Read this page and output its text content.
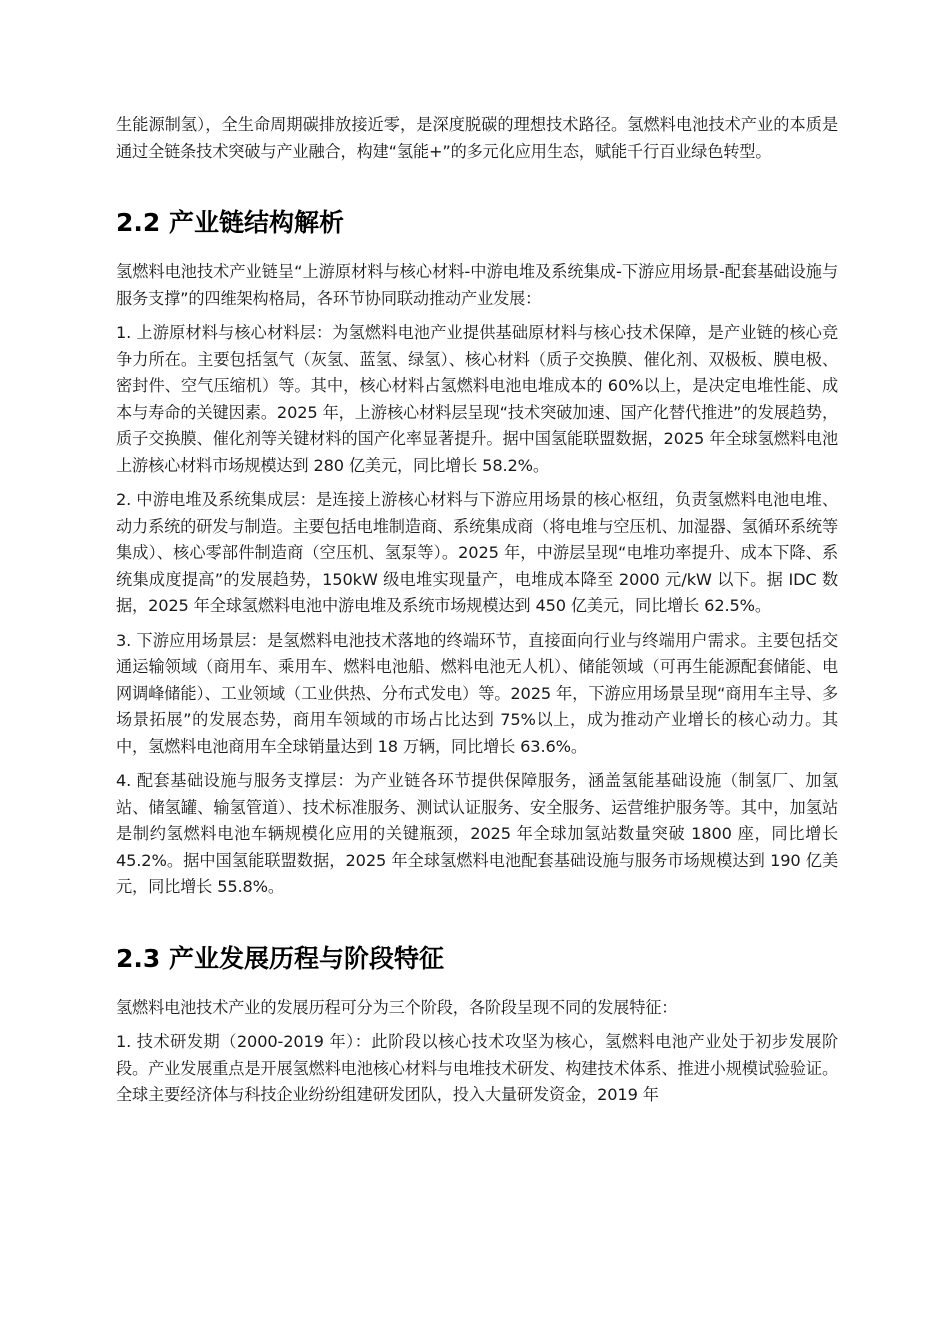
生能源制氢），全生命周期碳排放接近零，是深度脱碳的理想技术路径。氢燃料电池技术产业的本质是通过全链条技术突破与产业融合，构建“氢能+”的多元化应用生态，赋能千行百业绿色转型。

2.2 产业链结构解析

氢燃料电池技术产业链呈“上游原材料与核心材料-中游电堆及系统集成-下游应用场景-配套基础设施与服务支撑”的四维架构格局，各环节协同联动推动产业发展：

1. 上游原材料与核心材料层：为氢燃料电池产业提供基础原材料与核心技术保障，是产业链的核心竞争力所在。主要包括氢气（灰氢、蓝氢、绿氢）、核心材料（质子交换膜、催化剂、双极板、膜电极、密封件、空气压缩机）等。其中，核心材料占氢燃料电池电堆成本的 60%以上，是决定电堆性能、成本与寿命的关键因素。2025 年，上游核心材料层呈现“技术突破加速、国产化替代推进”的发展趋势，质子交换膜、催化剂等关键材料的国产化率显著提升。据中国氢能联盟数据，2025 年全球氢燃料电池上游核心材料市场规模达到 280 亿美元，同比增长 58.2%。

2. 中游电堆及系统集成层：是连接上游核心材料与下游应用场景的核心枢纽，负责氢燃料电池电堆、动力系统的研发与制造。主要包括电堆制造商、系统集成商（将电堆与空压机、加湿器、氢循环系统等集成）、核心零部件制造商（空压机、氢泵等）。2025 年，中游层呈现“电堆功率提升、成本下降、系统集成度提高”的发展趋势，150kW 级电堆实现量产，电堆成本降至 2000 元/kW 以下。据 IDC 数据，2025 年全球氢燃料电池中游电堆及系统市场规模达到 450 亿美元，同比增长 62.5%。

3. 下游应用场景层：是氢燃料电池技术落地的终端环节，直接面向行业与终端用户需求。主要包括交通运输领域（商用车、乘用车、燃料电池船、燃料电池无人机）、储能领域（可再生能源配套储能、电网调峰储能）、工业领域（工业供热、分布式发电）等。2025 年，下游应用场景呈现“商用车主导、多场景拓展”的发展态势，商用车领域的市场占比达到 75%以上，成为推动产业增长的核心动力。其中，氢燃料电池商用车全球销量达到 18 万辆，同比增长 63.6%。

4. 配套基础设施与服务支撑层：为产业链各环节提供保障服务，涵盖氢能基础设施（制氢厂、加氢站、储氢罐、输氢管道）、技术标准服务、测试认证服务、安全服务、运营维护服务等。其中，加氢站是制约氢燃料电池车辆规模化应用的关键瓶颈，2025 年全球加氢站数量突破 1800 座，同比增长 45.2%。据中国氢能联盟数据，2025 年全球氢燃料电池配套基础设施与服务市场规模达到 190 亿美元，同比增长 55.8%。

2.3 产业发展历程与阶段特征

氢燃料电池技术产业的发展历程可分为三个阶段，各阶段呈现不同的发展特征：

1. 技术研发期（2000-2019 年）：此阶段以核心技术攻坚为核心，氢燃料电池产业处于初步发展阶段。产业发展重点是开展氢燃料电池核心材料与电堆技术研发、构建技术体系、推进小规模试验验证。全球主要经济体与科技企业纷纷组建研发团队，投入大量研发资金，2019 年
